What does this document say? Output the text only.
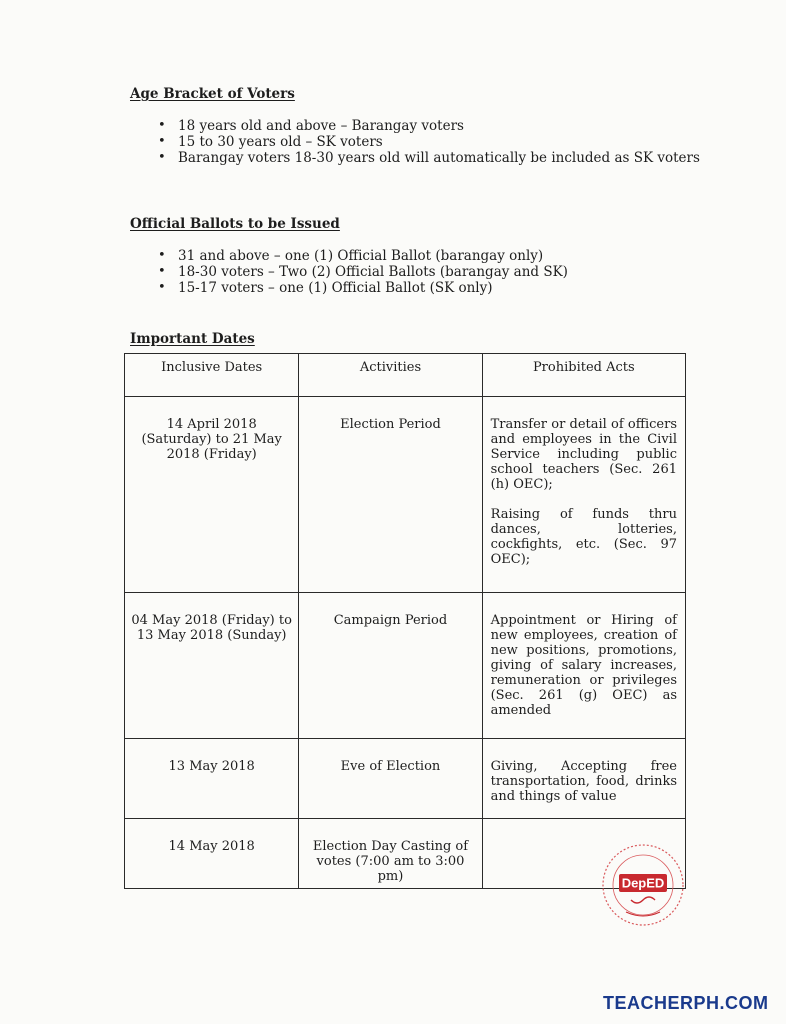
Age Bracket of Voters
• 18 years old and above – Barangay voters
• 15 to 30 years old – SK voters
• Barangay voters 18-30 years old will automatically be included as SK voters
Official Ballots to be Issued
• 31 and above – one (1) Official Ballot (barangay only)
• 18-30 voters – Two (2) Official Ballots (barangay and SK)
• 15-17 voters – one (1) Official Ballot (SK only)
Important Dates
Inclusive Dates	Activities	Prohibited Acts

14 April 2018 (Saturday) to 21 May 2018 (Friday)	Election Period	Transfer or detail of officers and employees in the Civil Service including public school teachers (Sec. 261 (h) OEC);
Raising of funds thru dances, lotteries, cockfights, etc. (Sec. 97 OEC);

04 May 2018 (Friday) to 13 May 2018 (Sunday)	Campaign Period	Appointment or Hiring of new employees, creation of new positions, promotions, giving of salary increases, remuneration or privileges (Sec. 261 (g) OEC) as amended

13 May 2018	Eve of Election	Giving, Accepting free transportation, food, drinks and things of value

14 May 2018	Election Day Casting of votes (7:00 am to 3:00 pm)	
		DepED
TEACHERPH.COM
